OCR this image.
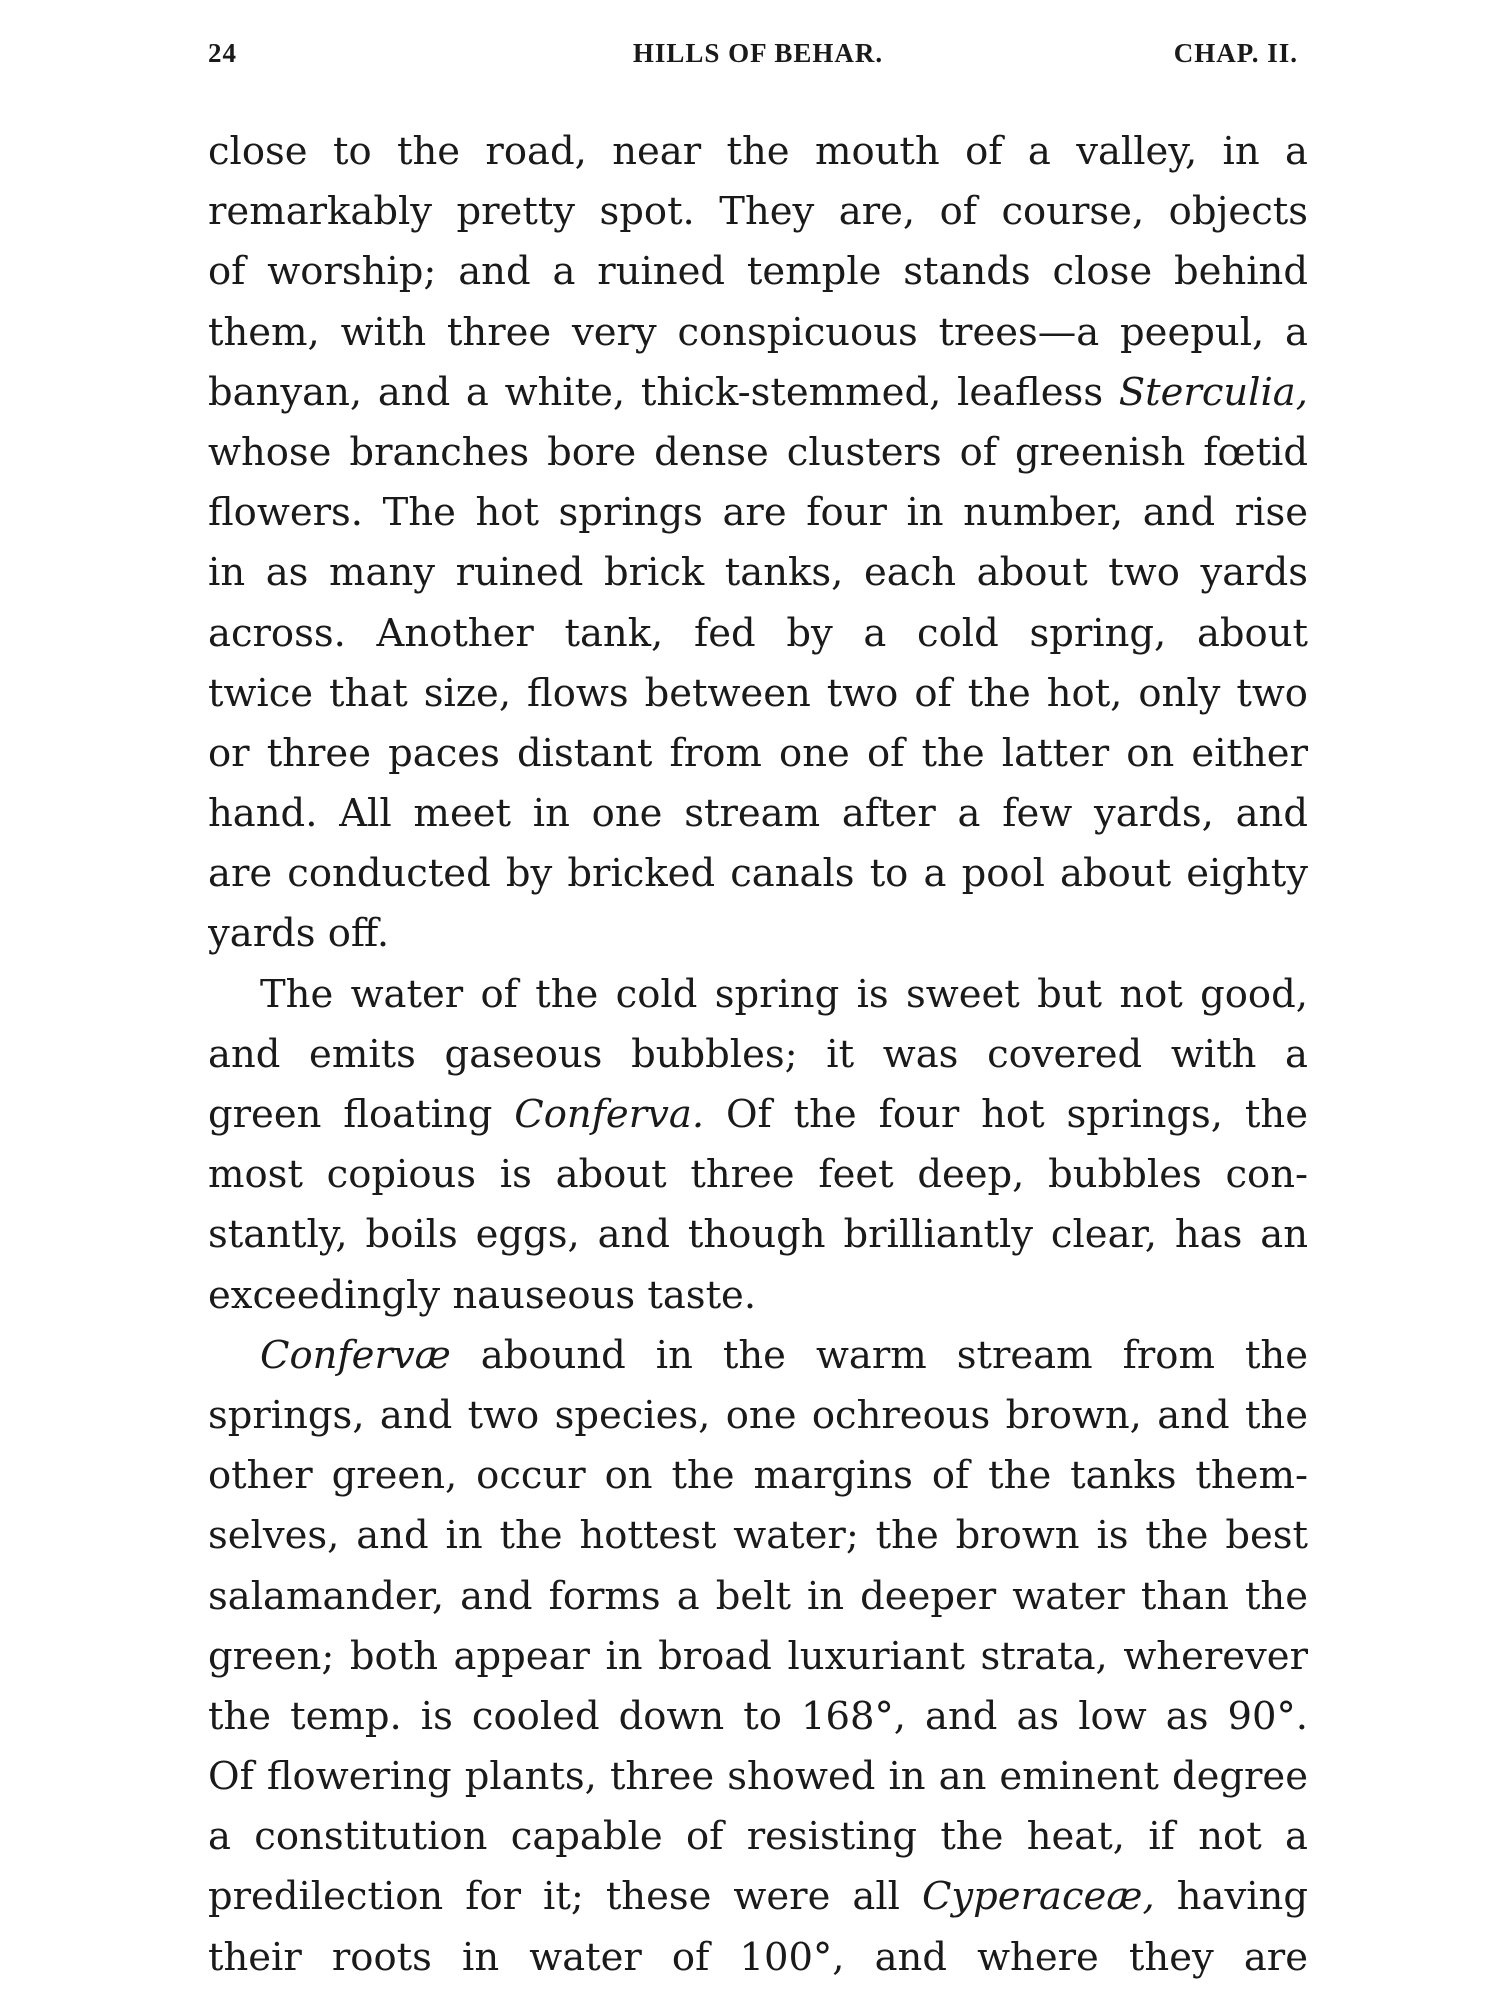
24	HILLS OF BEHAR.	CHAP. II.
close to the road, near the mouth of a valley, in a
remarkably pretty spot. They are, of course, objects
of worship; and a ruined temple stands close behind
them, with three very conspicuous trees—a peepul, a
banyan, and a white, thick-stemmed, leafless Sterculia,
whose branches bore dense clusters of greenish fœtid
flowers. The hot springs are four in number, and rise
in as many ruined brick tanks, each about two yards
across. Another tank, fed by a cold spring, about
twice that size, flows between two of the hot, only two
or three paces distant from one of the latter on either
hand. All meet in one stream after a few yards, and
are conducted by bricked canals to a pool about eighty
yards off.
The water of the cold spring is sweet but not good,
and emits gaseous bubbles; it was covered with a
green floating Conferva. Of the four hot springs, the
most copious is about three feet deep, bubbles con-
stantly, boils eggs, and though brilliantly clear, has an
exceedingly nauseous taste.
Confervæ abound in the warm stream from the
springs, and two species, one ochreous brown, and the
other green, occur on the margins of the tanks them-
selves, and in the hottest water; the brown is the best
salamander, and forms a belt in deeper water than the
green; both appear in broad luxuriant strata, wherever
the temp. is cooled down to 168°, and as low as 90°.
Of flowering plants, three showed in an eminent degree
a constitution capable of resisting the heat, if not a
predilection for it; these were all Cyperaceæ, having
their roots in water of 100°, and where they are
